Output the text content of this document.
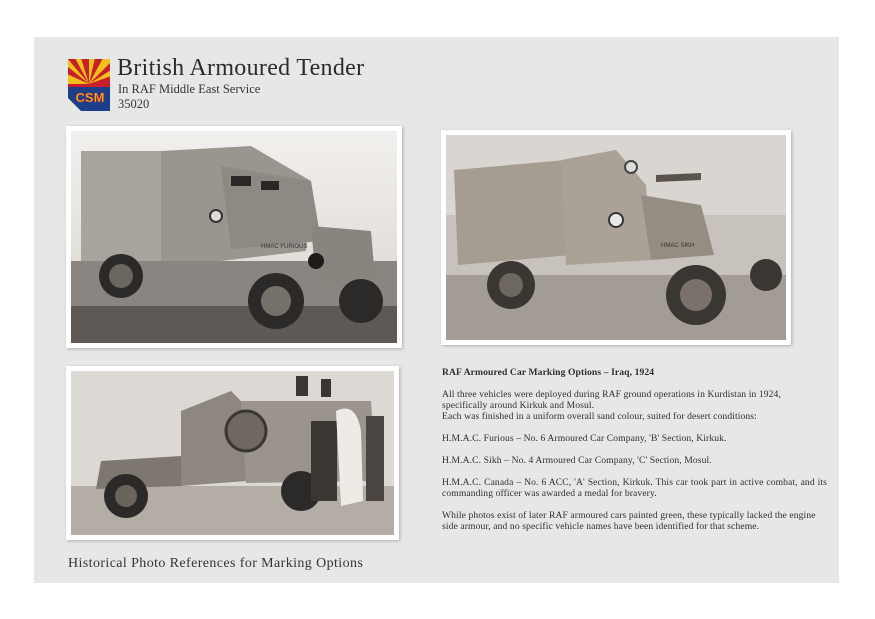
CSM
British Armoured Tender
In RAF Middle East Service
35020
HMAC FURIOUS	HMAC SIKH
Historical Photo References for Marking Options
RAF Armoured Car Marking Options – Iraq, 1924

All three vehicles were deployed during RAF ground operations in Kurdistan in 1924, specifically around Kirkuk and Mosul.
Each was finished in a uniform overall sand colour, suited for desert conditions:

H.M.A.C. Furious – No. 6 Armoured Car Company, 'B' Section, Kirkuk.

H.M.A.C. Sikh – No. 4 Armoured Car Company, 'C' Section, Mosul.

H.M.A.C. Canada – No. 6 ACC, 'A' Section, Kirkuk. This car took part in active combat, and its commanding officer was awarded a medal for bravery.

While photos exist of later RAF armoured cars painted green, these typically lacked the engine side armour, and no specific vehicle names have been identified for that scheme.
